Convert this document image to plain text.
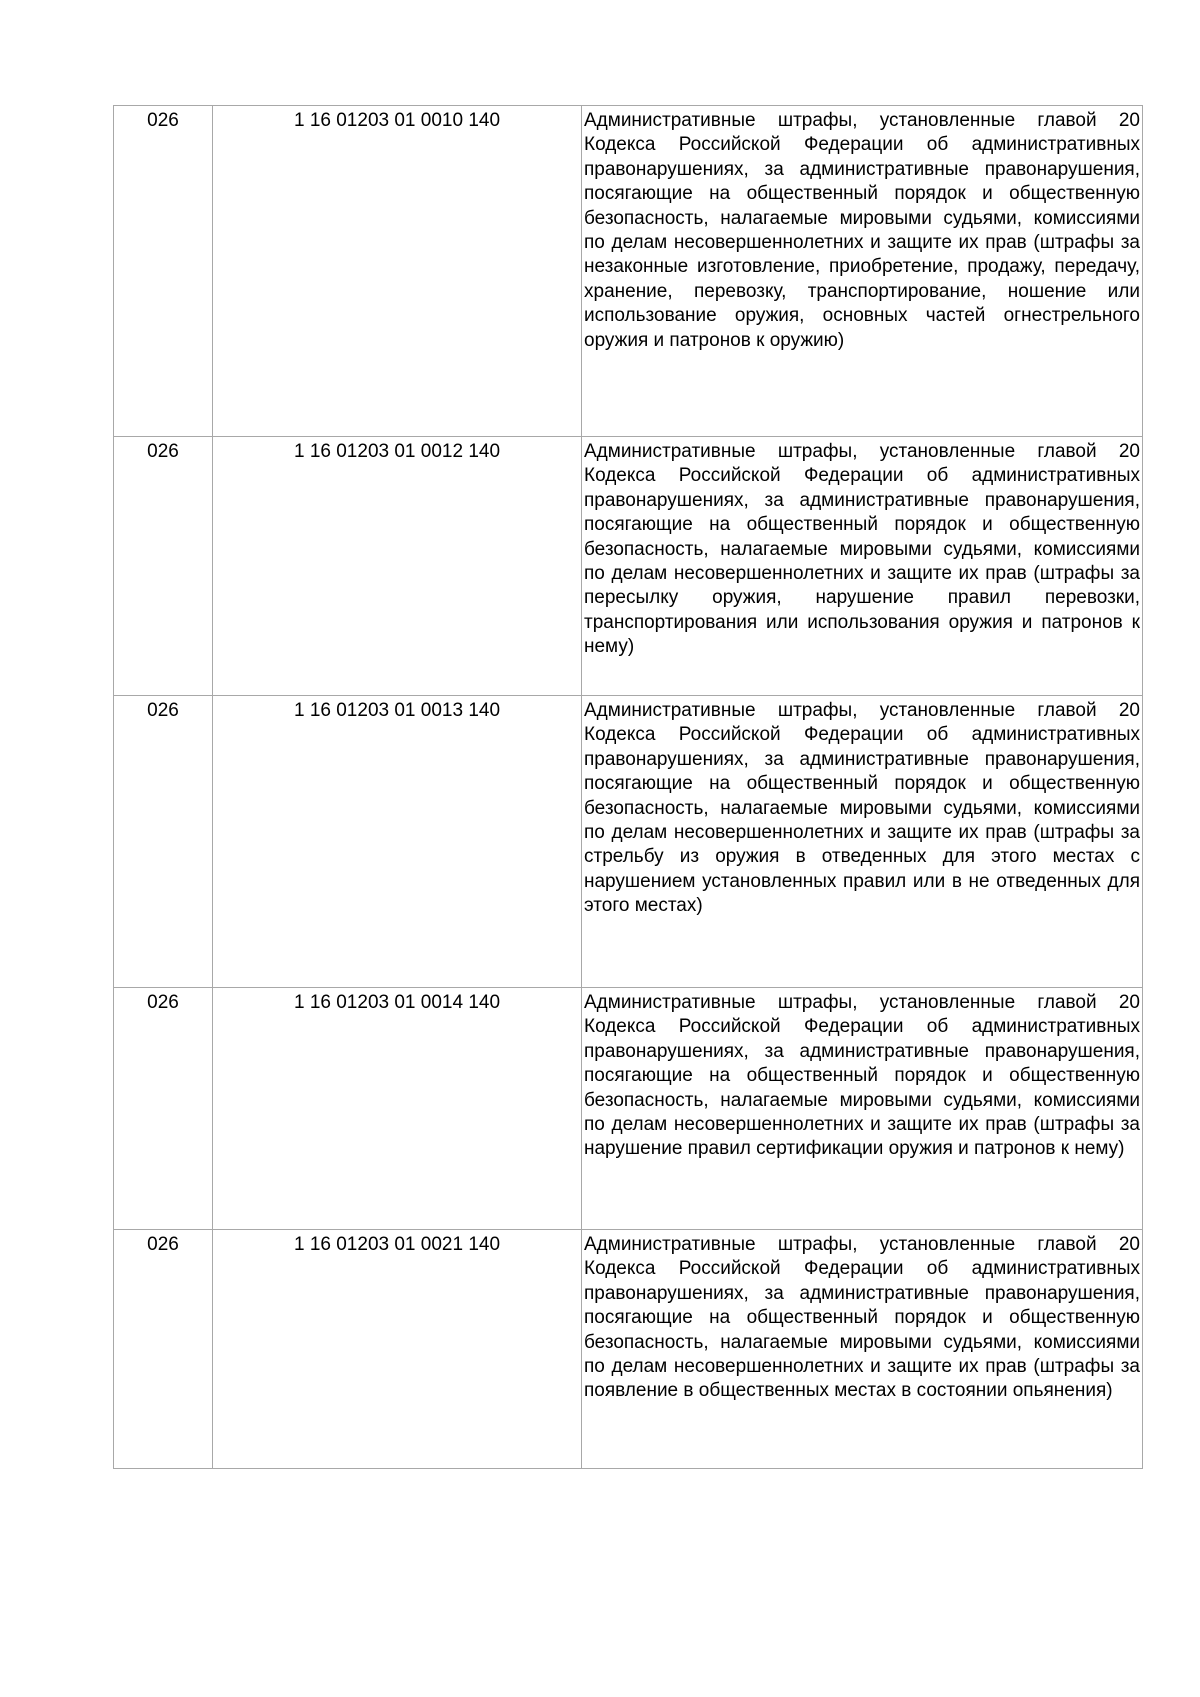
026	1 16 01203 01 0010 140	Административные штрафы, установленные главой 20 Кодекса Российской Федерации об административных правонарушениях, за административные правонарушения, посягающие на общественный порядок и общественную безопасность, налагаемые мировыми судьями, комиссиями по делам несовершеннолетних и защите их прав (штрафы за незаконные изготовление, приобретение, продажу, передачу, хранение, перевозку, транспортирование, ношение или использование оружия, основных частей огнестрельного оружия и патронов к оружию)
026	1 16 01203 01 0012 140	Административные штрафы, установленные главой 20 Кодекса Российской Федерации об административных правонарушениях, за административные правонарушения, посягающие на общественный порядок и общественную безопасность, налагаемые мировыми судьями, комиссиями по делам несовершеннолетних и защите их прав (штрафы за пересылку оружия, нарушение правил перевозки, транспортирования или использования оружия и патронов к нему)
026	1 16 01203 01 0013 140	Административные штрафы, установленные главой 20 Кодекса Российской Федерации об административных правонарушениях, за административные правонарушения, посягающие на общественный порядок и общественную безопасность, налагаемые мировыми судьями, комиссиями по делам несовершеннолетних и защите их прав (штрафы за стрельбу из оружия в отведенных для этого местах с нарушением установленных правил или в не отведенных для этого местах)
026	1 16 01203 01 0014 140	Административные штрафы, установленные главой 20 Кодекса Российской Федерации об административных правонарушениях, за административные правонарушения, посягающие на общественный порядок и общественную безопасность, налагаемые мировыми судьями, комиссиями по делам несовершеннолетних и защите их прав (штрафы за нарушение правил сертификации оружия и патронов к нему)
026	1 16 01203 01 0021 140	Административные штрафы, установленные главой 20 Кодекса Российской Федерации об административных правонарушениях, за административные правонарушения, посягающие на общественный порядок и общественную безопасность, налагаемые мировыми судьями, комиссиями по делам несовершеннолетних и защите их прав (штрафы за появление в общественных местах в состоянии опьянения)
